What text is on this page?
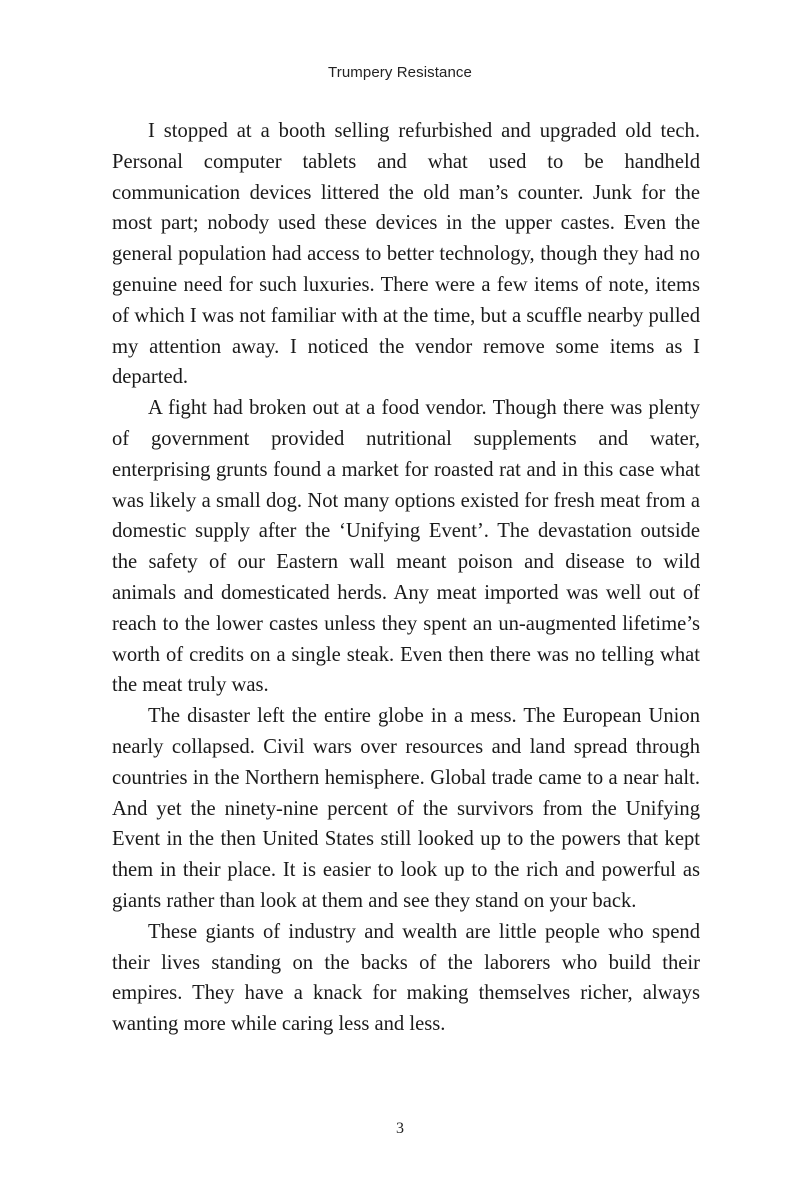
Trumpery Resistance

I stopped at a booth selling refurbished and upgraded old tech. Personal computer tablets and what used to be handheld communication devices littered the old man’s counter. Junk for the most part; nobody used these devices in the upper castes. Even the general population had access to better technology, though they had no genuine need for such luxuries. There were a few items of note, items of which I was not familiar with at the time, but a scuffle nearby pulled my attention away. I noticed the vendor remove some items as I departed.

A fight had broken out at a food vendor. Though there was plenty of government provided nutritional supplements and water, enterprising grunts found a market for roasted rat and in this case what was likely a small dog. Not many options existed for fresh meat from a domestic supply after the ‘Unifying Event’. The devastation outside the safety of our Eastern wall meant poison and disease to wild animals and domesticated herds. Any meat imported was well out of reach to the lower castes unless they spent an un-augmented lifetime’s worth of credits on a single steak. Even then there was no telling what the meat truly was.

The disaster left the entire globe in a mess. The European Union nearly collapsed. Civil wars over resources and land spread through countries in the Northern hemisphere. Global trade came to a near halt. And yet the ninety-nine percent of the survivors from the Unifying Event in the then United States still looked up to the powers that kept them in their place. It is easier to look up to the rich and powerful as giants rather than look at them and see they stand on your back.

These giants of industry and wealth are little people who spend their lives standing on the backs of the laborers who build their empires. They have a knack for making themselves richer, always wanting more while caring less and less.

3
